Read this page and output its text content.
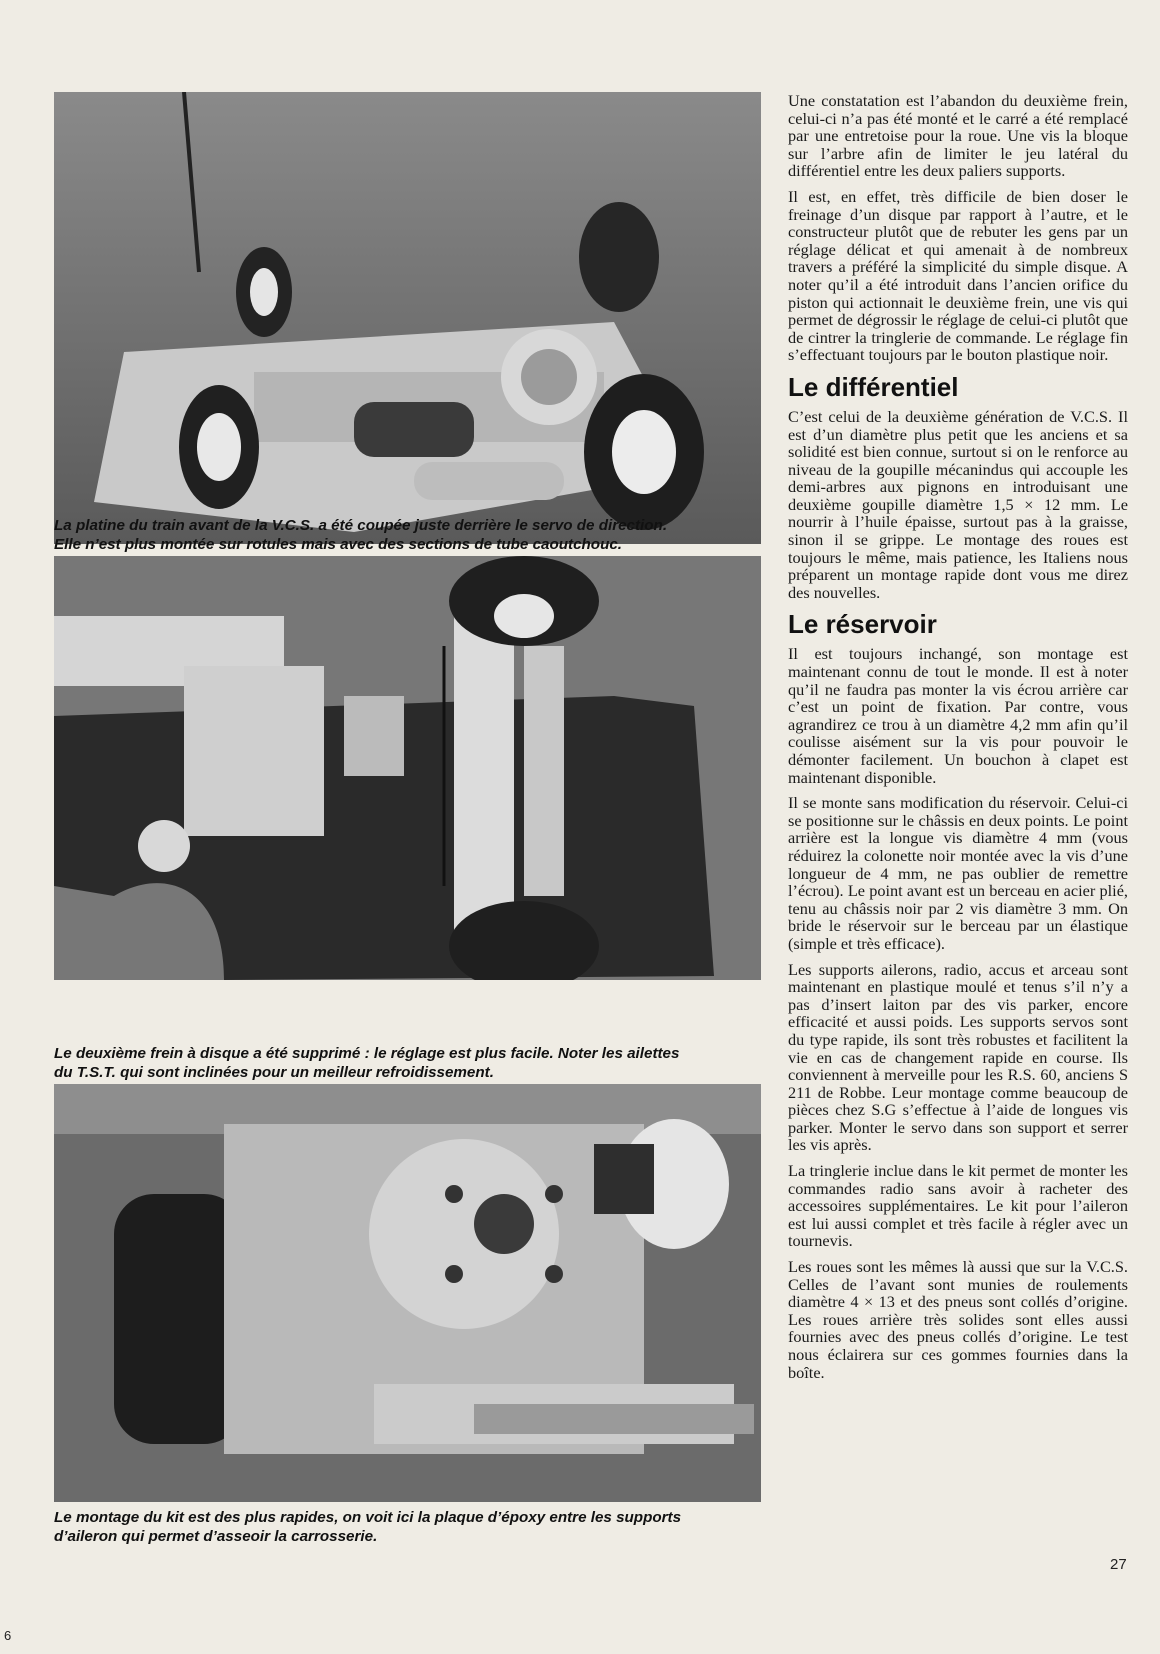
La platine du train avant de la V.C.S. a été coupée juste derrière le servo de direction.

Elle n’est plus montée sur rotules mais avec des sections de tube caoutchouc.

Le deuxième frein à disque a été supprimé : le réglage est plus facile. Noter les ailettes

du T.S.T. qui sont inclinées pour un meilleur refroidissement.

Le montage du kit est des plus rapides, on voit ici la plaque d’époxy entre les supports

d’aileron qui permet d’asseoir la carrosserie.

Une constatation est l’abandon du deuxième frein, celui-ci n’a pas été monté et le carré a été remplacé par une entretoise pour la roue. Une vis la bloque sur l’arbre afin de limiter le jeu latéral du différentiel entre les deux paliers supports.

Il est, en effet, très difficile de bien doser le freinage d’un disque par rapport à l’autre, et le constructeur plutôt que de rebuter les gens par un réglage délicat et qui amenait à de nombreux travers a préféré la simplicité du simple disque. A noter qu’il a été introduit dans l’ancien orifice du piston qui actionnait le deuxième frein, une vis qui permet de dégrossir le réglage de celui-ci plutôt que de cintrer la tringlerie de commande. Le réglage fin s’effectuant toujours par le bouton plastique noir.

Le différentiel

C’est celui de la deuxième génération de V.C.S. Il est d’un diamètre plus petit que les anciens et sa solidité est bien connue, surtout si on le renforce au niveau de la goupille mécanindus qui accouple les demi-arbres aux pignons en introduisant une deuxième goupille diamètre 1,5 × 12 mm. Le nourrir à l’huile épaisse, surtout pas à la graisse, sinon il se grippe. Le montage des roues est toujours le même, mais patience, les Italiens nous préparent un montage rapide dont vous me direz des nouvelles.

Le réservoir

Il est toujours inchangé, son montage est maintenant connu de tout le monde. Il est à noter qu’il ne faudra pas monter la vis écrou arrière car c’est un point de fixation. Par contre, vous agrandirez ce trou à un diamètre 4,2 mm afin qu’il coulisse aisément sur la vis pour pouvoir le démonter facilement. Un bouchon à clapet est maintenant disponible.

Il se monte sans modification du réservoir. Celui-ci se positionne sur le châssis en deux points. Le point arrière est la longue vis diamètre 4 mm (vous réduirez la colonette noir montée avec la vis d’une longueur de 4 mm, ne pas oublier de remettre l’écrou). Le point avant est un berceau en acier plié, tenu au châssis noir par 2 vis diamètre 3 mm. On bride le réservoir sur le berceau par un élastique (simple et très efficace).

Les supports ailerons, radio, accus et arceau sont maintenant en plastique moulé et tenus s’il n’y a pas d’insert laiton par des vis parker, encore efficacité et aussi poids. Les supports servos sont du type rapide, ils sont très robustes et facilitent la vie en cas de changement rapide en course. Ils conviennent à merveille pour les R.S. 60, anciens S 211 de Robbe. Leur montage comme beaucoup de pièces chez S.G s’effectue à l’aide de longues vis parker. Monter le servo dans son support et serrer les vis après.

La tringlerie inclue dans le kit permet de monter les commandes radio sans avoir à racheter des accessoires supplémentaires. Le kit pour l’aileron est lui aussi complet et très facile à régler avec un tournevis.

Les roues sont les mêmes là aussi que sur la V.C.S. Celles de l’avant sont munies de roulements diamètre 4 × 13 et des pneus sont collés d’origine. Les roues arrière très solides sont elles aussi fournies avec des pneus collés d’origine. Le test nous éclairera sur ces gommes fournies dans la boîte.

27
6
